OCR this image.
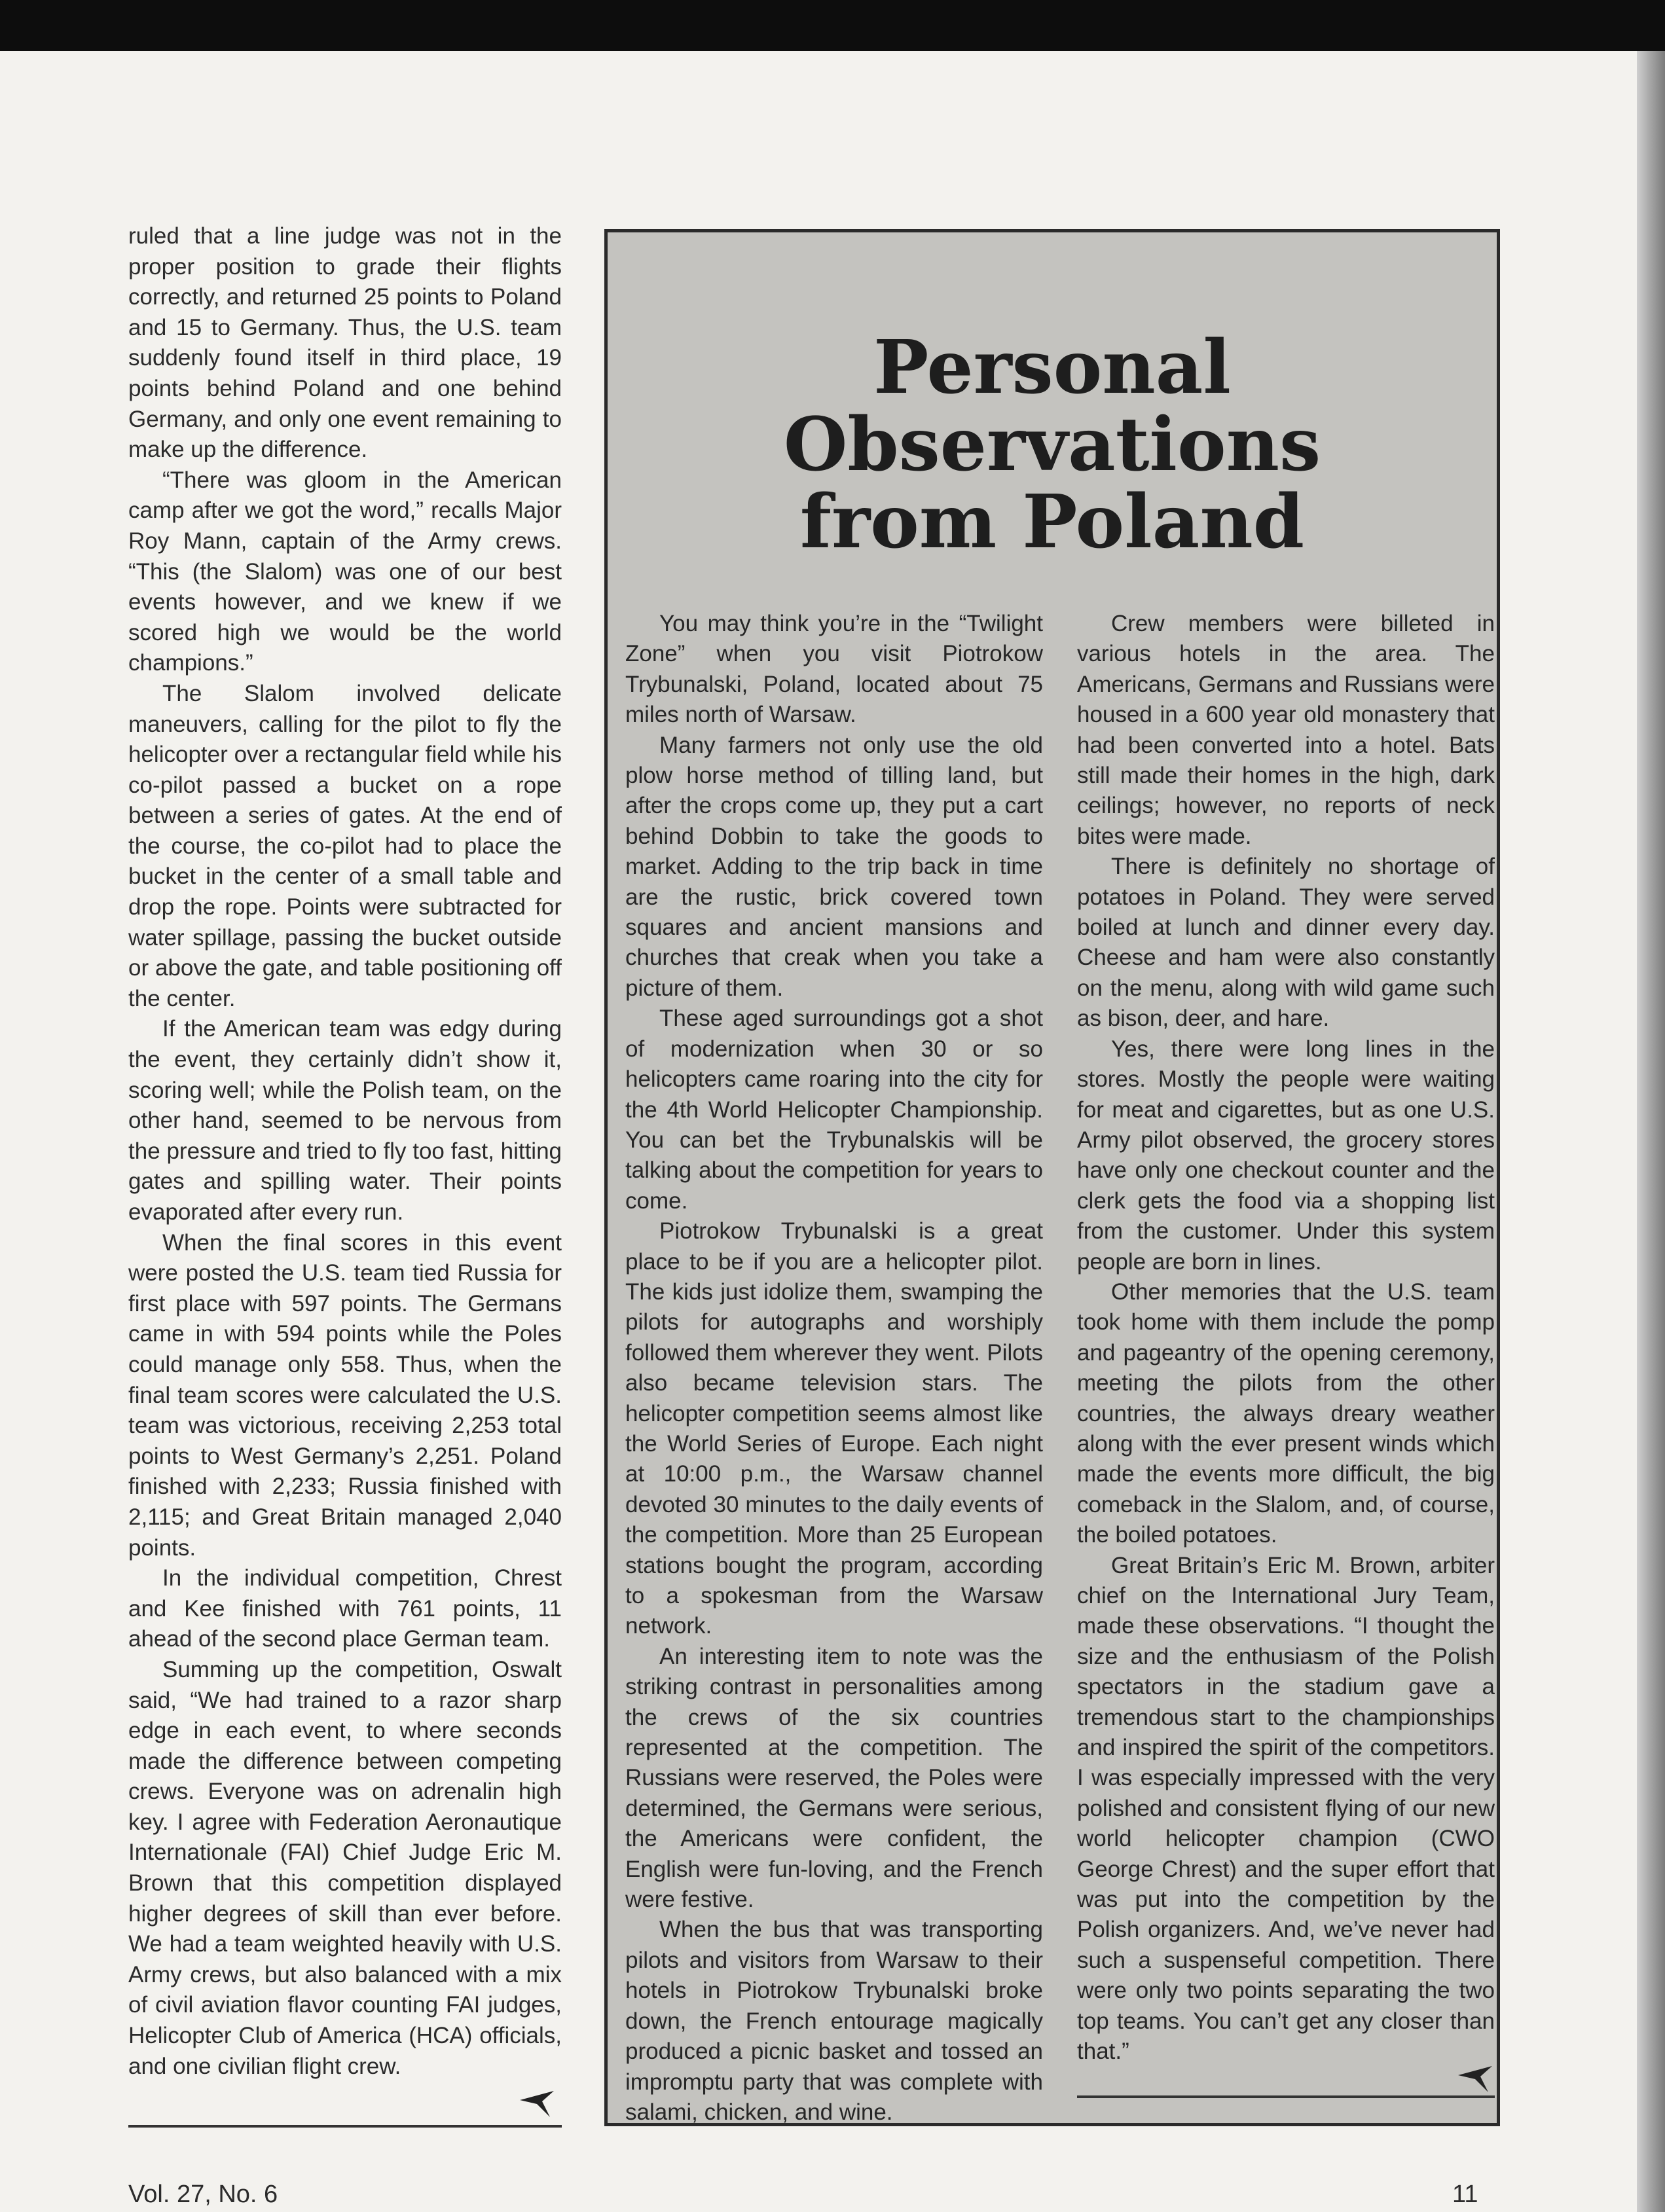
ruled that a line judge was not in the proper position to grade their flights correctly, and returned 25 points to Poland and 15 to Germany. Thus, the U.S. team suddenly found itself in third place, 19 points behind Poland and one behind Germany, and only one event remaining to make up the difference.

“There was gloom in the American camp after we got the word,” recalls Major Roy Mann, captain of the Army crews. “This (the Slalom) was one of our best events however, and we knew if we scored high we would be the world champions.”

The Slalom involved delicate maneuvers, calling for the pilot to fly the helicopter over a rectangular field while his co-pilot passed a bucket on a rope between a series of gates. At the end of the course, the co-pilot had to place the bucket in the center of a small table and drop the rope. Points were subtracted for water spillage, passing the bucket outside or above the gate, and table positioning off the center.

If the American team was edgy during the event, they certainly didn’t show it, scoring well; while the Polish team, on the other hand, seemed to be nervous from the pressure and tried to fly too fast, hitting gates and spilling water. Their points evaporated after every run.

When the final scores in this event were posted the U.S. team tied Russia for first place with 597 points. The Germans came in with 594 points while the Poles could manage only 558. Thus, when the final team scores were calculated the U.S. team was victorious, receiving 2,253 total points to West Germany’s 2,251. Poland finished with 2,233; Russia finished with 2,115; and Great Britain managed 2,040 points.

In the individual competition, Chrest and Kee finished with 761 points, 11 ahead of the second place German team.

Summing up the competition, Oswalt said, “We had trained to a razor sharp edge in each event, to where seconds made the difference between competing crews. Everyone was on adrenalin high key. I agree with Federation Aeronautique Internationale (FAI) Chief Judge Eric M. Brown that this competition displayed higher degrees of skill than ever before. We had a team weighted heavily with U.S. Army crews, but also balanced with a mix of civil aviation flavor counting FAI judges, Helicopter Club of America (HCA) officials, and one civilian flight crew.

Personal Observations
from Poland

You may think you’re in the “Twilight Zone” when you visit Piotrokow Trybunalski, Poland, located about 75 miles north of Warsaw.

Many farmers not only use the old plow horse method of tilling land, but after the crops come up, they put a cart behind Dobbin to take the goods to market. Adding to the trip back in time are the rustic, brick covered town squares and ancient mansions and churches that creak when you take a picture of them.

These aged surroundings got a shot of modernization when 30 or so helicopters came roaring into the city for the 4th World Helicopter Championship. You can bet the Trybunalskis will be talking about the competition for years to come.

Piotrokow Trybunalski is a great place to be if you are a helicopter pilot. The kids just idolize them, swamping the pilots for autographs and worshiply followed them wherever they went. Pilots also became television stars. The helicopter competition seems almost like the World Series of Europe. Each night at 10:00 p.m., the Warsaw channel devoted 30 minutes to the daily events of the competition. More than 25 European stations bought the program, according to a spokesman from the Warsaw network.

An interesting item to note was the striking contrast in personalities among the crews of the six countries represented at the competition. The Russians were reserved, the Poles were determined, the Germans were serious, the Americans were confident, the English were fun-loving, and the French were festive.

When the bus that was transporting pilots and visitors from Warsaw to their hotels in Piotrokow Trybunalski broke down, the French entourage magically produced a picnic basket and tossed an impromptu party that was complete with salami, chicken, and wine.

Crew members were billeted in various hotels in the area. The Americans, Germans and Russians were housed in a 600 year old monastery that had been converted into a hotel. Bats still made their homes in the high, dark ceilings; however, no reports of neck bites were made.

There is definitely no shortage of potatoes in Poland. They were served boiled at lunch and dinner every day. Cheese and ham were also constantly on the menu, along with wild game such as bison, deer, and hare.

Yes, there were long lines in the stores. Mostly the people were waiting for meat and cigarettes, but as one U.S. Army pilot observed, the grocery stores have only one checkout counter and the clerk gets the food via a shopping list from the customer. Under this system people are born in lines.

Other memories that the U.S. team took home with them include the pomp and pageantry of the opening ceremony, meeting the pilots from the other countries, the always dreary weather along with the ever present winds which made the events more difficult, the big comeback in the Slalom, and, of course, the boiled potatoes.

Great Britain’s Eric M. Brown, arbiter chief on the International Jury Team, made these observations. “I thought the size and the enthusiasm of the Polish spectators in the stadium gave a tremendous start to the championships and inspired the spirit of the competitors. I was especially impressed with the very polished and consistent flying of our new world helicopter champion (CWO George Chrest) and the super effort that was put into the competition by the Polish organizers. And, we’ve never had such a suspenseful competition. There were only two points separating the two top teams. You can’t get any closer than that.”

Vol. 27, No. 6	11
